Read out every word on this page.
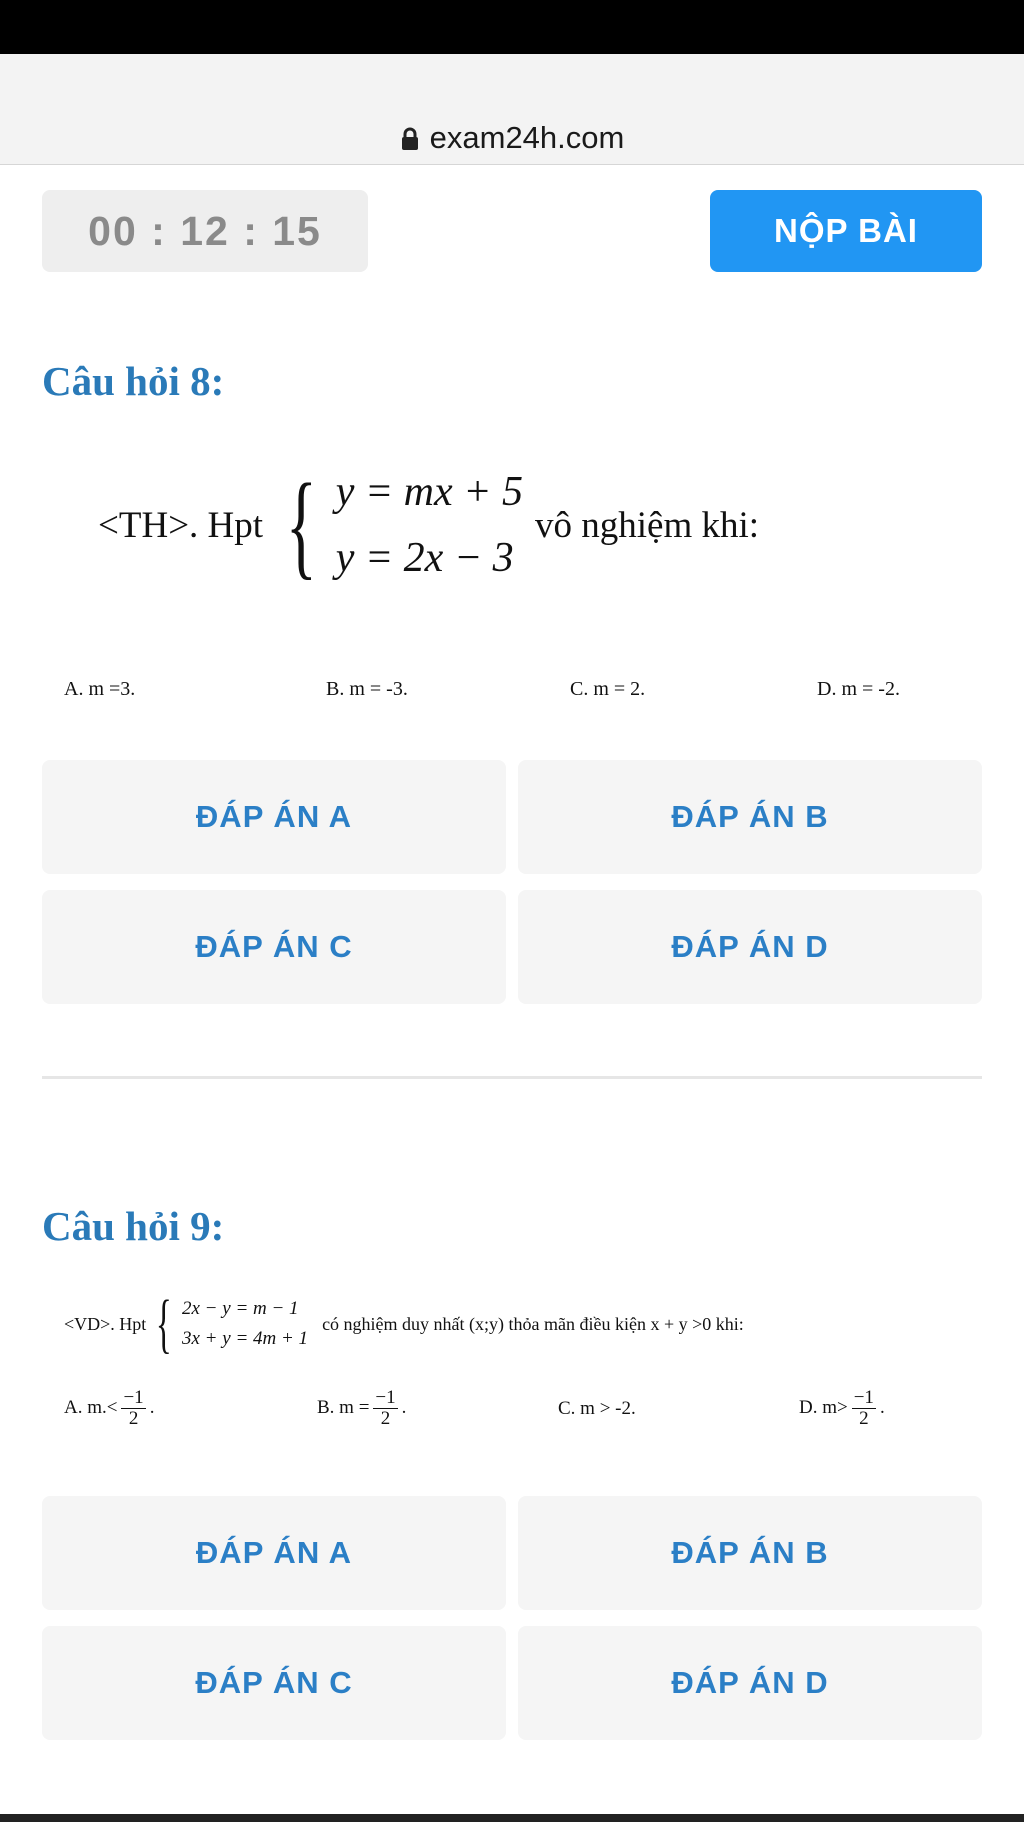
exam24h.com
00 : 12 : 15	NỘP BÀI
Câu hỏi 8:
<TH>. Hpt { y = mx + 5
y = 2x − 3
vô nghiệm khi:
A. m =3.	B. m = -3.	C. m = 2.	D. m = -2.
ĐÁP ÁN A	ĐÁP ÁN B
ĐÁP ÁN C	ĐÁP ÁN D
Câu hỏi 9:
<VD>. Hpt { 2x − y = m − 1
3x + y = 4m + 1
có nghiệm duy nhất (x;y) thỏa mãn điều kiện x + y >0 khi:
A. $m.< \frac{-1}{2}$ .	B. $m = \frac{-1}{2}$ .	C. m > -2.	D. $m> \frac{-1}{2}$ .
ĐÁP ÁN A	ĐÁP ÁN B
ĐÁP ÁN C	ĐÁP ÁN D
